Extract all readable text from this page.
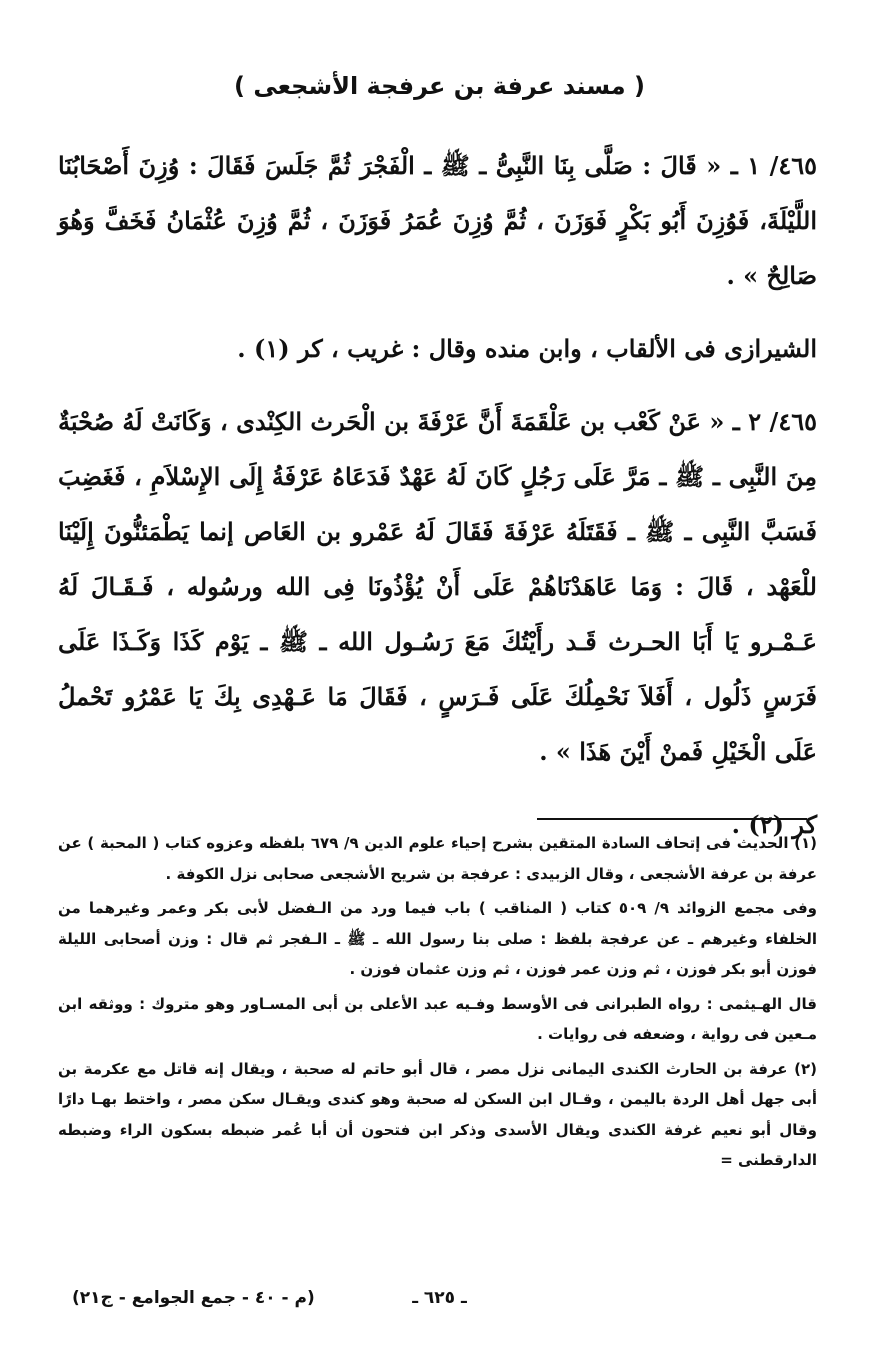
( مسند عرفة بن عرفجة الأشجعى )

٤٦٥/ ١ ـ « قَالَ : صَلَّى بِنَا النَّبِىُّ ـ ﷺ ـ الْفَجْرَ ثُمَّ جَلَسَ فَقَالَ : وُزِنَ أَصْحَابُنَا اللَّيْلَةَ، فَوُزِنَ أَبُو بَكْرٍ فَوَزَنَ ، ثُمَّ وُزِنَ عُمَرُ فَوَزَنَ ، ثُمَّ وُزِنَ عُثْمَانُ فَخَفَّ وَهُوَ صَالِحٌ » .

الشيرازى فى الألقاب ، وابن منده وقال : غريب ، كر (١) .

٤٦٥/ ٢ ـ « عَنْ كَعْب بن عَلْقَمَةَ أَنَّ عَرْفَةَ بن الْحَرث الكِنْدى ، وَكَانَتْ لَهُ صُحْبَةٌ مِنَ النَّبِى ـ ﷺ ـ مَرَّ عَلَى رَجُلٍ كَانَ لَهُ عَهْدٌ فَدَعَاهُ عَرْفَةُ إِلَى الإِسْلاَمِ ، فَغَضِبَ فَسَبَّ النَّبِى ـ ﷺ ـ فَقَتَلَهُ عَرْفَةَ فَقَالَ لَهُ عَمْرو بن العَاص إنما يَطْمَئنُّونَ إِلَيْنَا للْعَهْد ، قَالَ : وَمَا عَاهَدْنَاهُمْ عَلَى أَنْ يُؤْذُونَا فِى الله ورسُوله ، فَـقَـالَ لَهُ عَـمْـرو يَا أَبَا الحـرث قَـد رأَيْتُكَ مَعَ رَسُـول الله ـ ﷺ ـ يَوْم كَذَا وَكَـذَا عَلَى فَرَسٍ ذَلُول ، أَفَلاَ نَحْمِلُكَ عَلَى فَـرَسٍ ، فَقَالَ مَا عَـهْدِى بِكَ يَا عَمْرُو تَحْملُ عَلَى الْخَيْلِ فَمنْ أَيْنَ هَذَا » .

كر (٢) .

(١) الحديث فى إتحاف السادة المتقين بشرح إحياء علوم الدين ٩/ ٦٧٩ بلفظه وعزوه كتاب ( المحبة ) عن عرفة بن عرفة الأشجعى ، وقال الزبيدى : عرفجة بن شريح الأشجعى صحابى نزل الكوفة .

وفى مجمع الزوائد ٩/ ٥٠٩ كتاب ( المناقب ) باب فيما ورد من الـفضل لأبى بكر وعمر وغيرهما من الخلفاء وغيرهم ـ عن عرفجة بلفظ : صلى بنا رسول الله ـ ﷺ ـ الـفجر ثم قال : وزن أصحابى الليلة فوزن أبو بكر فوزن ، ثم وزن عمر فوزن ، ثم وزن عثمان فوزن .

قال الهـيثمى : رواه الطبرانى فى الأوسط وفـيه عبد الأعلى بن أبى المسـاور وهو متروك : ووثقه ابن مـعين فى رواية ، وضعفه فى روايات .

(٢) عرفة بن الحارث الكندى اليمانى نزل مصر ، قال أبو حاتم له صحبة ، ويقال إنه قاتل مع عكرمة بن أبى جهل أهل الردة باليمن ، وقـال ابن السكن له صحبة وهو كندى ويقـال سكن مصر ، واختط بهـا دارًا وقال أبو نعيم غرفة الكندى ويقال الأسدى وذكر ابن فتحون أن أبا عُمر ضبطه بسكون الراء وضبطه الدارقطنى =

ـ ٦٢٥ ـ
(م - ٤٠ - جمع الجوامع - ج٢١)
